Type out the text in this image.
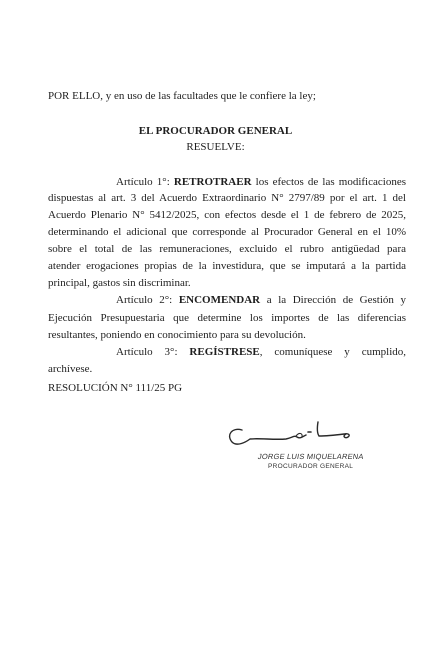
POR ELLO, y en uso de las facultades que le confiere la ley;

EL PROCURADOR GENERAL

RESUELVE:

Artículo 1°: RETROTRAER los efectos de las modificaciones

dispuestas al art. 3 del Acuerdo Extraordinario N° 2797/89 por el art. 1 del

Acuerdo Plenario N° 5412/2025, con efectos desde el 1 de febrero de 2025,

determinando el adicional que corresponde al Procurador General en el 10%

sobre el total de las remuneraciones, excluido el rubro antigüedad para

atender erogaciones propias de la investidura, que se imputará a la partida

principal, gastos sin discriminar.

Artículo 2°: ENCOMENDAR a la Dirección de Gestión y

Ejecución Presupuestaria que determine los importes de las diferencias

resultantes, poniendo en conocimiento para su devolución.

Artículo 3°: REGÍSTRESE, comuníquese y cumplido,

archívese.

RESOLUCIÓN N° 111/25 PG

JORGE LUIS MIQUELARENA
PROCURADOR GENERAL
